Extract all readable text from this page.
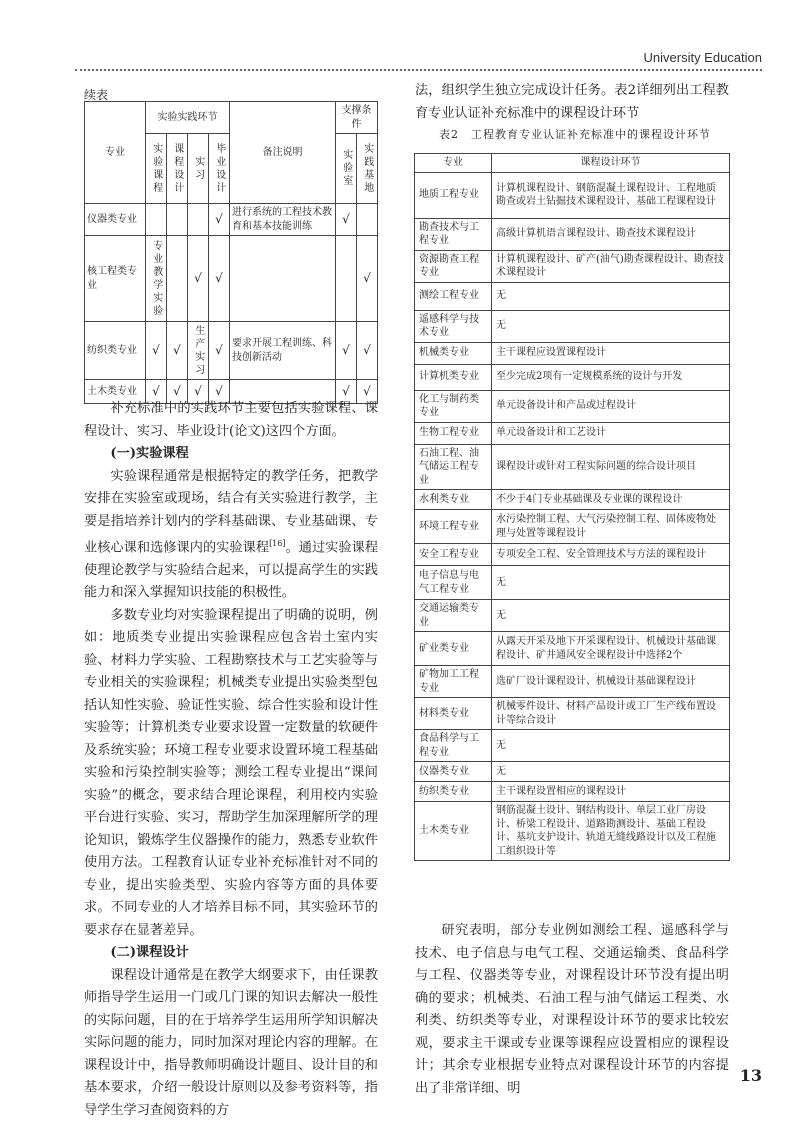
University Education
续表
专业	实验实践环节				备注说明	支撑条件	

	实验课程	课程设计	实习	毕业设计		实验室	实践基地

仪器类专业				√	进行系统的工程技术教育和基本技能训练	√	
核工程类专业	专业教学实验		√	√			√
纺织类专业	√	√	生产实习	√	要求开展工程训练、科技创新活动	√	√
土木类专业	√	√	√	√		√	√

补充标准中的实践环节主要包括实验课程、课程设计、实习、毕业设计(论文)这四个方面。

(一)实验课程

实验课程通常是根据特定的教学任务，把教学安排在实验室或现场，结合有关实验进行教学，主要是指培养计划内的学科基础课、专业基础课、专业核心课和选修课内的实验课程[16]。通过实验课程使理论教学与实验结合起来，可以提高学生的实践能力和深入掌握知识技能的积极性。

多数专业均对实验课程提出了明确的说明，例如：地质类专业提出实验课程应包含岩土室内实验、材料力学实验、工程勘察技术与工艺实验等与专业相关的实验课程；机械类专业提出实验类型包括认知性实验、验证性实验、综合性实验和设计性实验等；计算机类专业要求设置一定数量的软硬件及系统实验；环境工程专业要求设置环境工程基础实验和污染控制实验等；测绘工程专业提出“课间实验”的概念，要求结合理论课程，利用校内实验平台进行实验、实习，帮助学生加深理解所学的理论知识，锻炼学生仪器操作的能力，熟悉专业软件使用方法。工程教育认证专业补充标准针对不同的专业，提出实验类型、实验内容等方面的具体要求。不同专业的人才培养目标不同，其实验环节的要求存在显著差异。

(二)课程设计

课程设计通常是在教学大纲要求下，由任课教师指导学生运用一门或几门课的知识去解决一般性的实际问题，目的在于培养学生运用所学知识解决实际问题的能力，同时加深对理论内容的理解。在课程设计中，指导教师明确设计题目、设计目的和基本要求，介绍一般设计原则以及参考资料等，指导学生学习查阅资料的方

法，组织学生独立完成设计任务。表2详细列出工程教育专业认证补充标准中的课程设计环节

表2　工程教育专业认证补充标准中的课程设计环节
专业	课程设计环节
地质工程专业	计算机课程设计、钢筋混凝土课程设计、工程地质勘查或岩土钻掘技术课程设计、基础工程课程设计
勘查技术与工程专业	高级计算机语言课程设计、勘查技术课程设计
资源勘查工程专业	计算机课程设计、矿产(油气)勘查课程设计、勘查技术课程设计
测绘工程专业	无
遥感科学与技术专业	无
机械类专业	主干课程应设置课程设计
计算机类专业	至少完成2项有一定规模系统的设计与开发
化工与制药类专业	单元设备设计和产品或过程设计
生物工程专业	单元设备设计和工艺设计
石油工程、油气储运工程专业	课程设计或针对工程实际问题的综合设计项目
水利类专业	不少于4门专业基础课及专业课的课程设计
环境工程专业	水污染控制工程、大气污染控制工程、固体废物处理与处置等课程设计
安全工程专业	专项安全工程、安全管理技术与方法的课程设计
电子信息与电气工程专业	无
交通运输类专业	无
矿业类专业	从露天开采及地下开采课程设计、机械设计基础课程设计、矿井通风安全课程设计中选择2个
矿物加工工程专业	选矿厂设计课程设计、机械设计基础课程设计
材料类专业	机械零件设计、材料产品设计或工厂生产线布置设计等综合设计
食品科学与工程专业	无
仪器类专业	无
纺织类专业	主干课程设置相应的课程设计
土木类专业	钢筋混凝土设计、钢结构设计、单层工业厂房设计、桥梁工程设计、道路勘测设计、基础工程设计、基坑支护设计、轨道无缝线路设计以及工程施工组织设计等

研究表明，部分专业例如测绘工程、遥感科学与技术、电子信息与电气工程、交通运输类、食品科学与工程、仪器类等专业，对课程设计环节没有提出明确的要求；机械类、石油工程与油气储运工程类、水利类、纺织类等专业，对课程设计环节的要求比较宏观，要求主干课或专业课等课程应设置相应的课程设计；其余专业根据专业特点对课程设计环节的内容提出了非常详细、明

13
